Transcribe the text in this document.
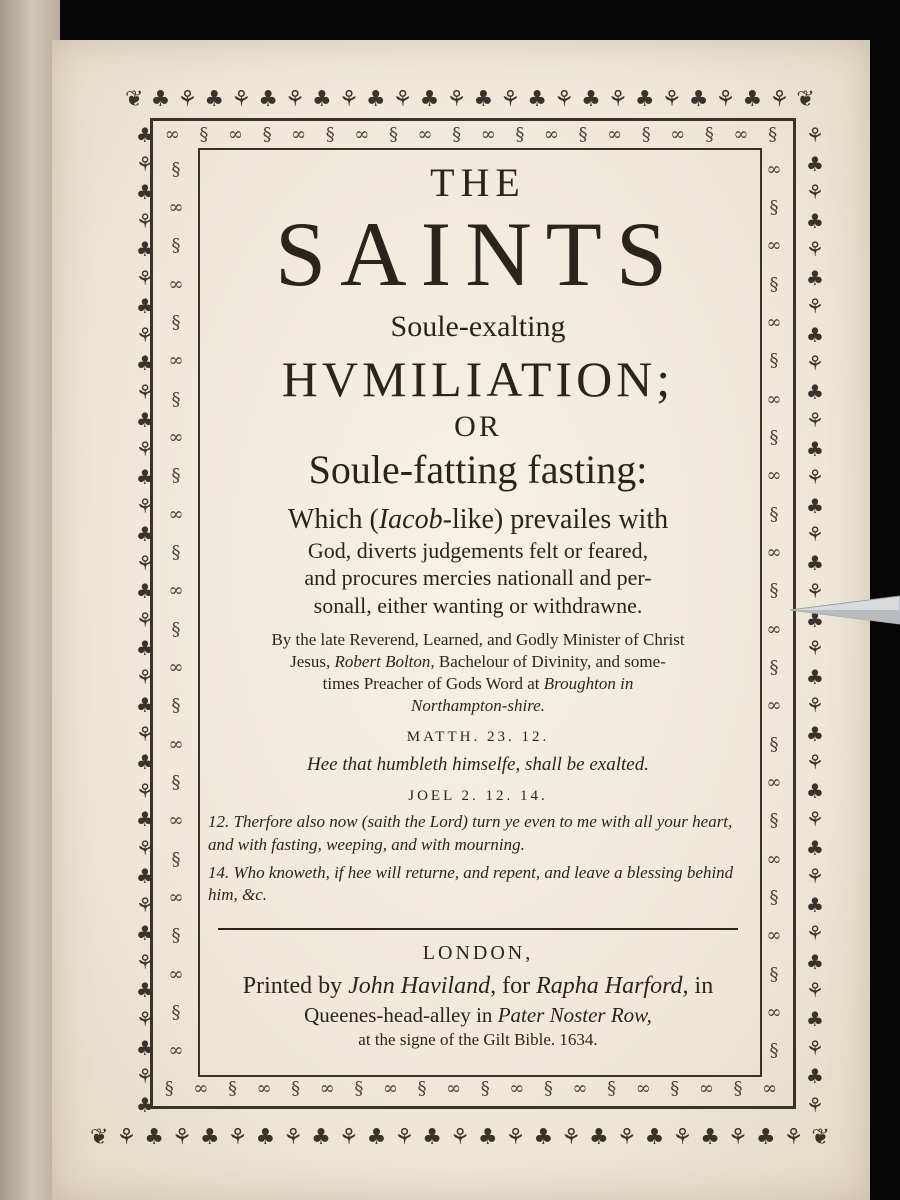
❦ ♣ ⚘ ♣ ⚘ ♣ ⚘ ♣ ⚘ ♣ ⚘ ♣ ⚘ ♣ ⚘ ♣ ⚘ ♣ ⚘ ♣ ⚘ ♣ ⚘ ♣ ⚘ ❦
❦ ⚘ ♣ ⚘ ♣ ⚘ ♣ ⚘ ♣ ⚘ ♣ ⚘ ♣ ⚘ ♣ ⚘ ♣ ⚘ ♣ ⚘ ♣ ⚘ ♣ ⚘ ♣ ⚘ ❦
♣
⚘
♣
⚘
♣
⚘
♣
⚘
♣
⚘
♣
⚘
♣
⚘
♣
⚘
♣
⚘
♣
⚘
♣
⚘
♣
⚘
♣
⚘
♣
⚘
♣
⚘
♣
⚘
♣
⚘
♣
⚘
♣
⚘
♣
⚘
♣
⚘
♣
⚘
♣
⚘
♣
⚘
♣
⚘
♣
⚘
♣
⚘
♣
⚘
♣
⚘
♣
⚘
♣
⚘
♣
⚘
♣
⚘
♣
⚘
♣
⚘
∞ § ∞ § ∞ § ∞ § ∞ § ∞ § ∞ § ∞ § ∞ § ∞ §
§ ∞ § ∞ § ∞ § ∞ § ∞ § ∞ § ∞ § ∞ § ∞ § ∞
§
∞
§
∞
§
∞
§
∞
§
∞
§
∞
§
∞
§
∞
§
∞
§
∞
§
∞
§
∞
∞
§
∞
§
∞
§
∞
§
∞
§
∞
§
∞
§
∞
§
∞
§
∞
§
∞
§
∞
§
THE
SAINTS
Soule-exalting
HVMILIATION;
OR
Soule-fatting fasting:
Which (Iacob-like) prevailes with
God, diverts judgements felt or feared,
and procures mercies nationall and per-
sonall, either wanting or withdrawne.
By the late Reverend, Learned, and Godly Minister of Christ
Jesus, Robert Bolton, Bachelour of Divinity, and some-
times Preacher of Gods Word at Broughton in
Northampton-shire.
MATTH. 23. 12.
Hee that humbleth himselfe, shall be exalted.
JOEL 2. 12. 14.
12. Therfore also now (saith the Lord) turn ye even to me with all your heart, and with fasting, weeping, and with mourning.
14. Who knoweth, if hee will returne, and repent, and leave a blessing behind him, &c.
LONDON,
Printed by John Haviland, for Rapha Harford, in
Queenes-head-alley in Pater Noster Row,
at the signe of the Gilt Bible. 1634.
